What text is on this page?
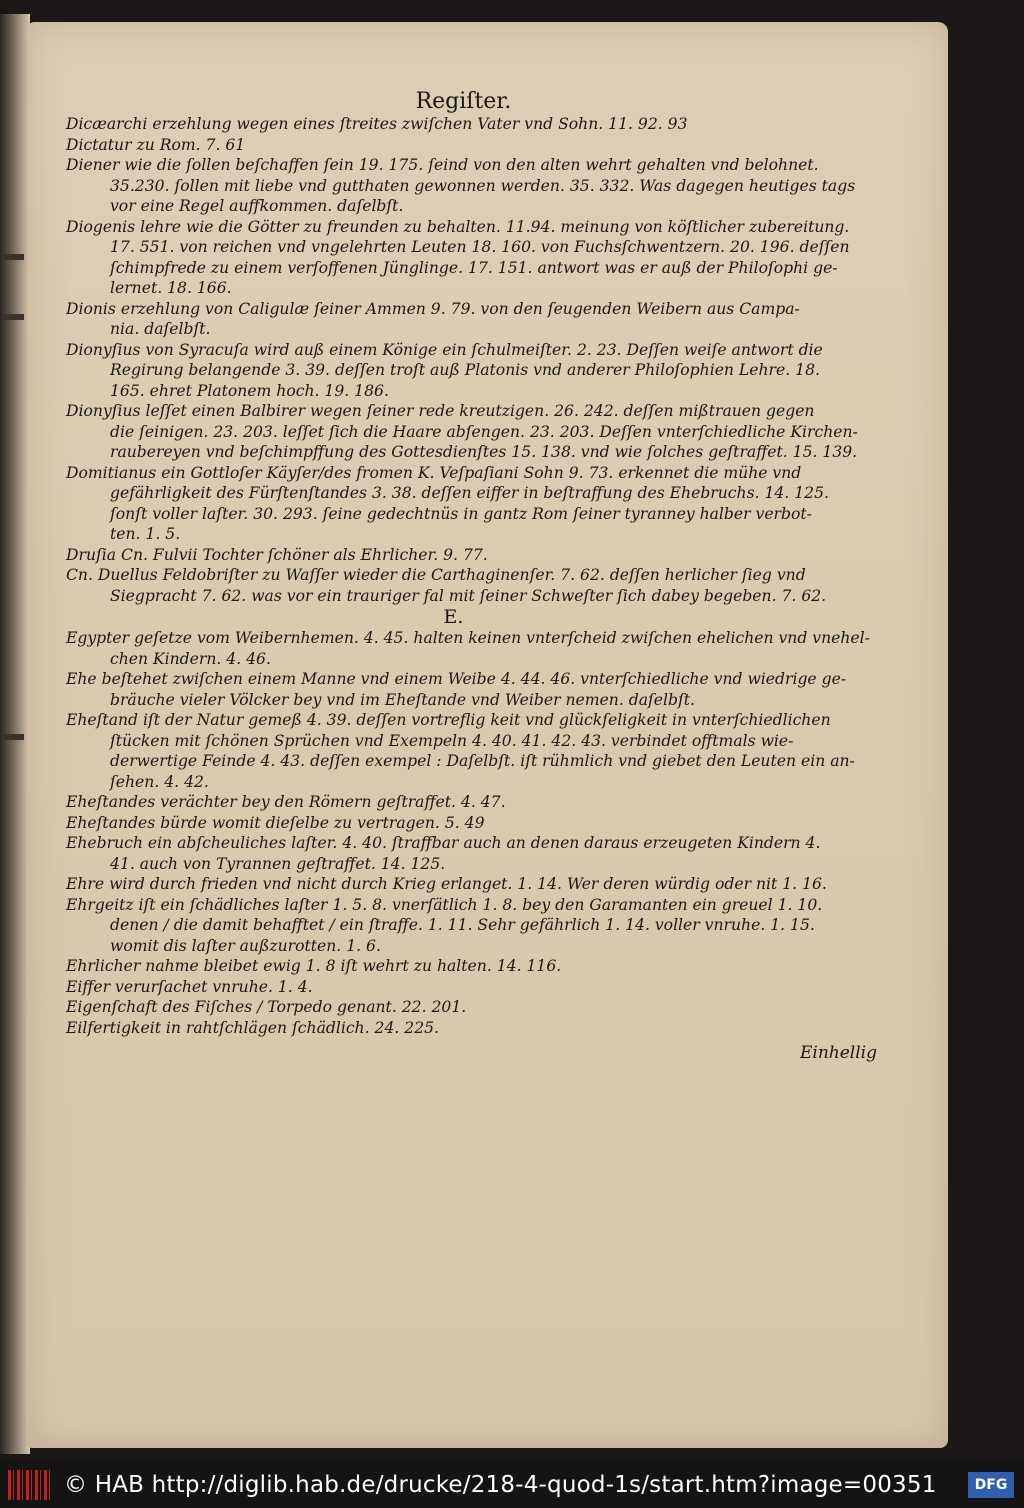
Regiſter.
Dicæarchi erzehlung wegen eines ſtreites zwiſchen Vater vnd Sohn. 11. 92. 93
Dictatur zu Rom. 7. 61
Diener wie die ſollen beſchaffen ſein 19. 175. ſeind von den alten wehrt gehalten vnd belohnet.
35.230. ſollen mit liebe vnd gutthaten gewonnen werden. 35. 332. Was dagegen heutiges tags
vor eine Regel auffkommen. daſelbſt.
Diogenis lehre wie die Götter zu freunden zu behalten. 11.94. meinung von köſtlicher zubereitung.
17. 551. von reichen vnd vngelehrten Leuten 18. 160. von Fuchsſchwentzern. 20. 196. deſſen
ſchimpfrede zu einem verſoffenen Jünglinge. 17. 151. antwort was er auß der Philoſophi ge-
lernet. 18. 166.
Dionis erzehlung von Caligulæ ſeiner Ammen 9. 79. von den ſeugenden Weibern aus Campa-
nia. daſelbſt.
Dionyſius von Syracuſa wird auß einem Könige ein ſchulmeiſter. 2. 23. Deſſen weiſe antwort die
Regirung belangende 3. 39. deſſen troſt auß Platonis vnd anderer Philoſophien Lehre. 18.
165. ehret Platonem hoch. 19. 186.
Dionyſius leſſet einen Balbirer wegen ſeiner rede kreutzigen. 26. 242. deſſen mißtrauen gegen
die ſeinigen. 23. 203. leſſet ſich die Haare abſengen. 23. 203. Deſſen vnterſchiedliche Kirchen-
raubereyen vnd beſchimpffung des Gottesdienſtes 15. 138. vnd wie ſolches geſtraffet. 15. 139.
Domitianus ein Gottloſer Käyſer/des fromen K. Veſpaſiani Sohn 9. 73. erkennet die mühe vnd
gefährligkeit des Fürſtenſtandes 3. 38. deſſen eiffer in beſtraffung des Ehebruchs. 14. 125.
ſonſt voller laſter. 30. 293. ſeine gedechtnüs in gantz Rom ſeiner tyranney halber verbot-
ten. 1. 5.
Druſia Cn. Fulvii Tochter ſchöner als Ehrlicher. 9. 77.
Cn. Duellus Feldobriſter zu Waſſer wieder die Carthaginenſer. 7. 62. deſſen herlicher ſieg vnd
Siegpracht 7. 62. was vor ein trauriger fal mit ſeiner Schweſter ſich dabey begeben. 7. 62.
E.
Egypter geſetze vom Weibernhemen. 4. 45. halten keinen vnterſcheid zwiſchen ehelichen vnd vnehel-
chen Kindern. 4. 46.
Ehe beſtehet zwiſchen einem Manne vnd einem Weibe 4. 44. 46. vnterſchiedliche vnd wiedrige ge-
bräuche vieler Völcker bey vnd im Eheſtande vnd Weiber nemen. daſelbſt.
Eheſtand iſt der Natur gemeß 4. 39. deſſen vortreflig keit vnd glückſeligkeit in vnterſchiedlichen
ſtücken mit ſchönen Sprüchen vnd Exempeln 4. 40. 41. 42. 43. verbindet offtmals wie-
derwertige Feinde 4. 43. deſſen exempel : Daſelbſt. iſt rühmlich vnd giebet den Leuten ein an-
ſehen. 4. 42.
Eheſtandes verächter bey den Römern geſtraffet. 4. 47.
Eheſtandes bürde womit dieſelbe zu vertragen. 5. 49
Ehebruch ein abſcheuliches laſter. 4. 40. ſtraffbar auch an denen daraus erzeugeten Kindern 4.
41. auch von Tyrannen geſtraffet. 14. 125.
Ehre wird durch frieden vnd nicht durch Krieg erlanget. 1. 14. Wer deren würdig oder nit 1. 16.
Ehrgeitz iſt ein ſchädliches laſter 1. 5. 8. vnerſätlich 1. 8. bey den Garamanten ein greuel 1. 10.
denen / die damit behafftet / ein ſtraffe. 1. 11. Sehr gefährlich 1. 14. voller vnruhe. 1. 15.
womit dis laſter außzurotten. 1. 6.
Ehrlicher nahme bleibet ewig 1. 8 iſt wehrt zu halten. 14. 116.
Eiffer verurſachet vnruhe. 1. 4.
Eigenſchaft des Fiſches / Torpedo genant. 22. 201.
Eilfertigkeit in rahtſchlägen ſchädlich. 24. 225.
Einhellig
© HAB http://diglib.hab.de/drucke/218-4-quod-1s/start.htm?image=00351	DFG
